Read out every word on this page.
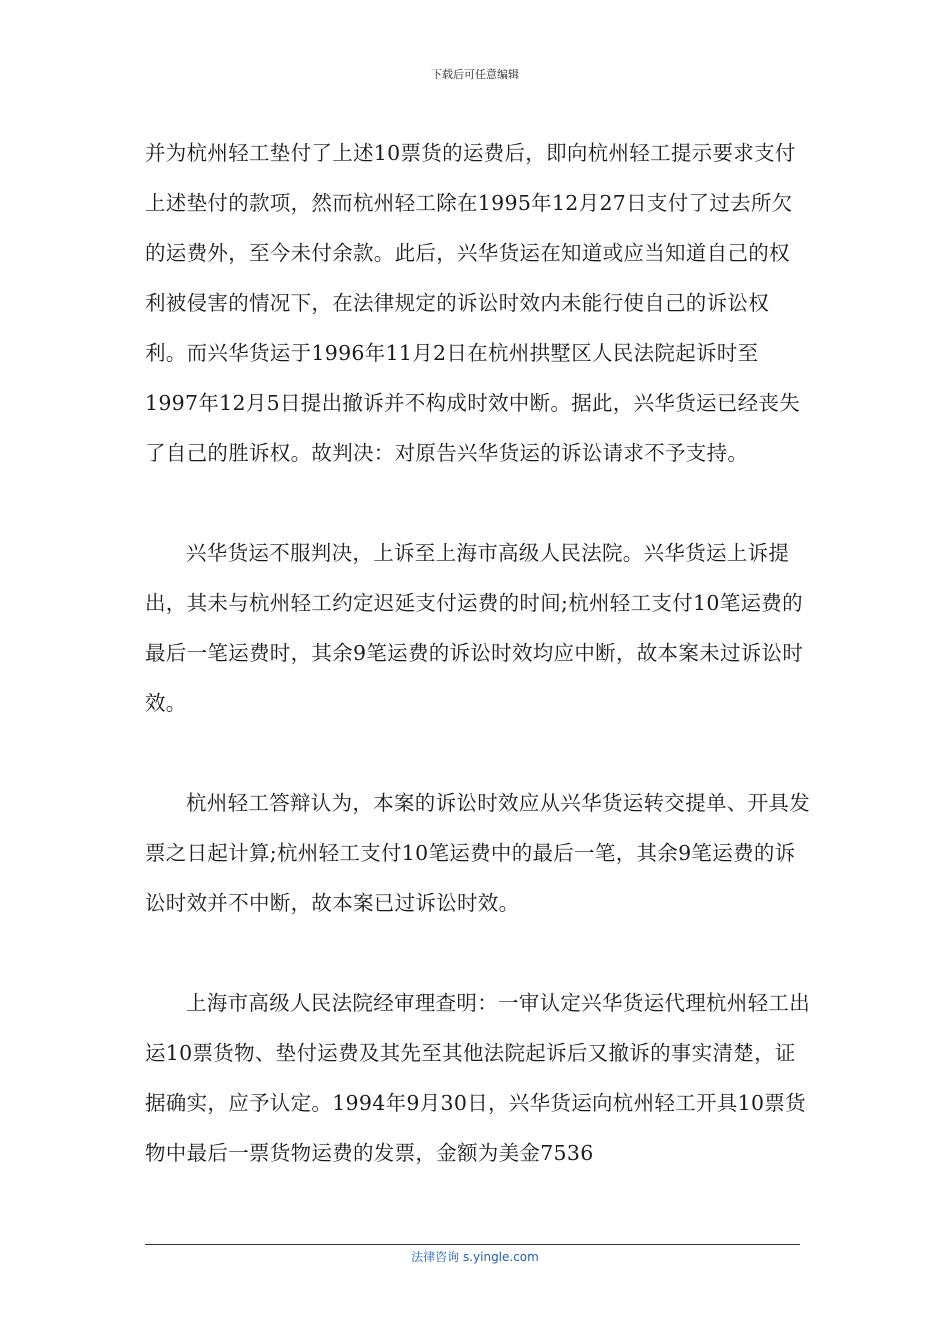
下载后可任意编辑

并为杭州轻工垫付了上述10票货的运费后，即向杭州轻工提示要求支付上述垫付的款项，然而杭州轻工除在1995年12月27日支付了过去所欠的运费外，至今未付余款。此后，兴华货运在知道或应当知道自己的权利被侵害的情况下，在法律规定的诉讼时效内未能行使自己的诉讼权利。而兴华货运于1996年11月2日在杭州拱墅区人民法院起诉时至1997年12月5日提出撤诉并不构成时效中断。据此，兴华货运已经丧失了自己的胜诉权。故判决：对原告兴华货运的诉讼请求不予支持。

兴华货运不服判决，上诉至上海市高级人民法院。兴华货运上诉提出，其未与杭州轻工约定迟延支付运费的时间;杭州轻工支付10笔运费的最后一笔运费时，其余9笔运费的诉讼时效均应中断，故本案未过诉讼时效。

杭州轻工答辩认为，本案的诉讼时效应从兴华货运转交提单、开具发票之日起计算;杭州轻工支付10笔运费中的最后一笔，其余9笔运费的诉讼时效并不中断，故本案已过诉讼时效。

上海市高级人民法院经审理查明：一审认定兴华货运代理杭州轻工出运10票货物、垫付运费及其先至其他法院起诉后又撤诉的事实清楚，证据确实，应予认定。1994年9月30日，兴华货运向杭州轻工开具10票货物中最后一票货物运费的发票，金额为美金7536

法律咨询 s.yingle.com
